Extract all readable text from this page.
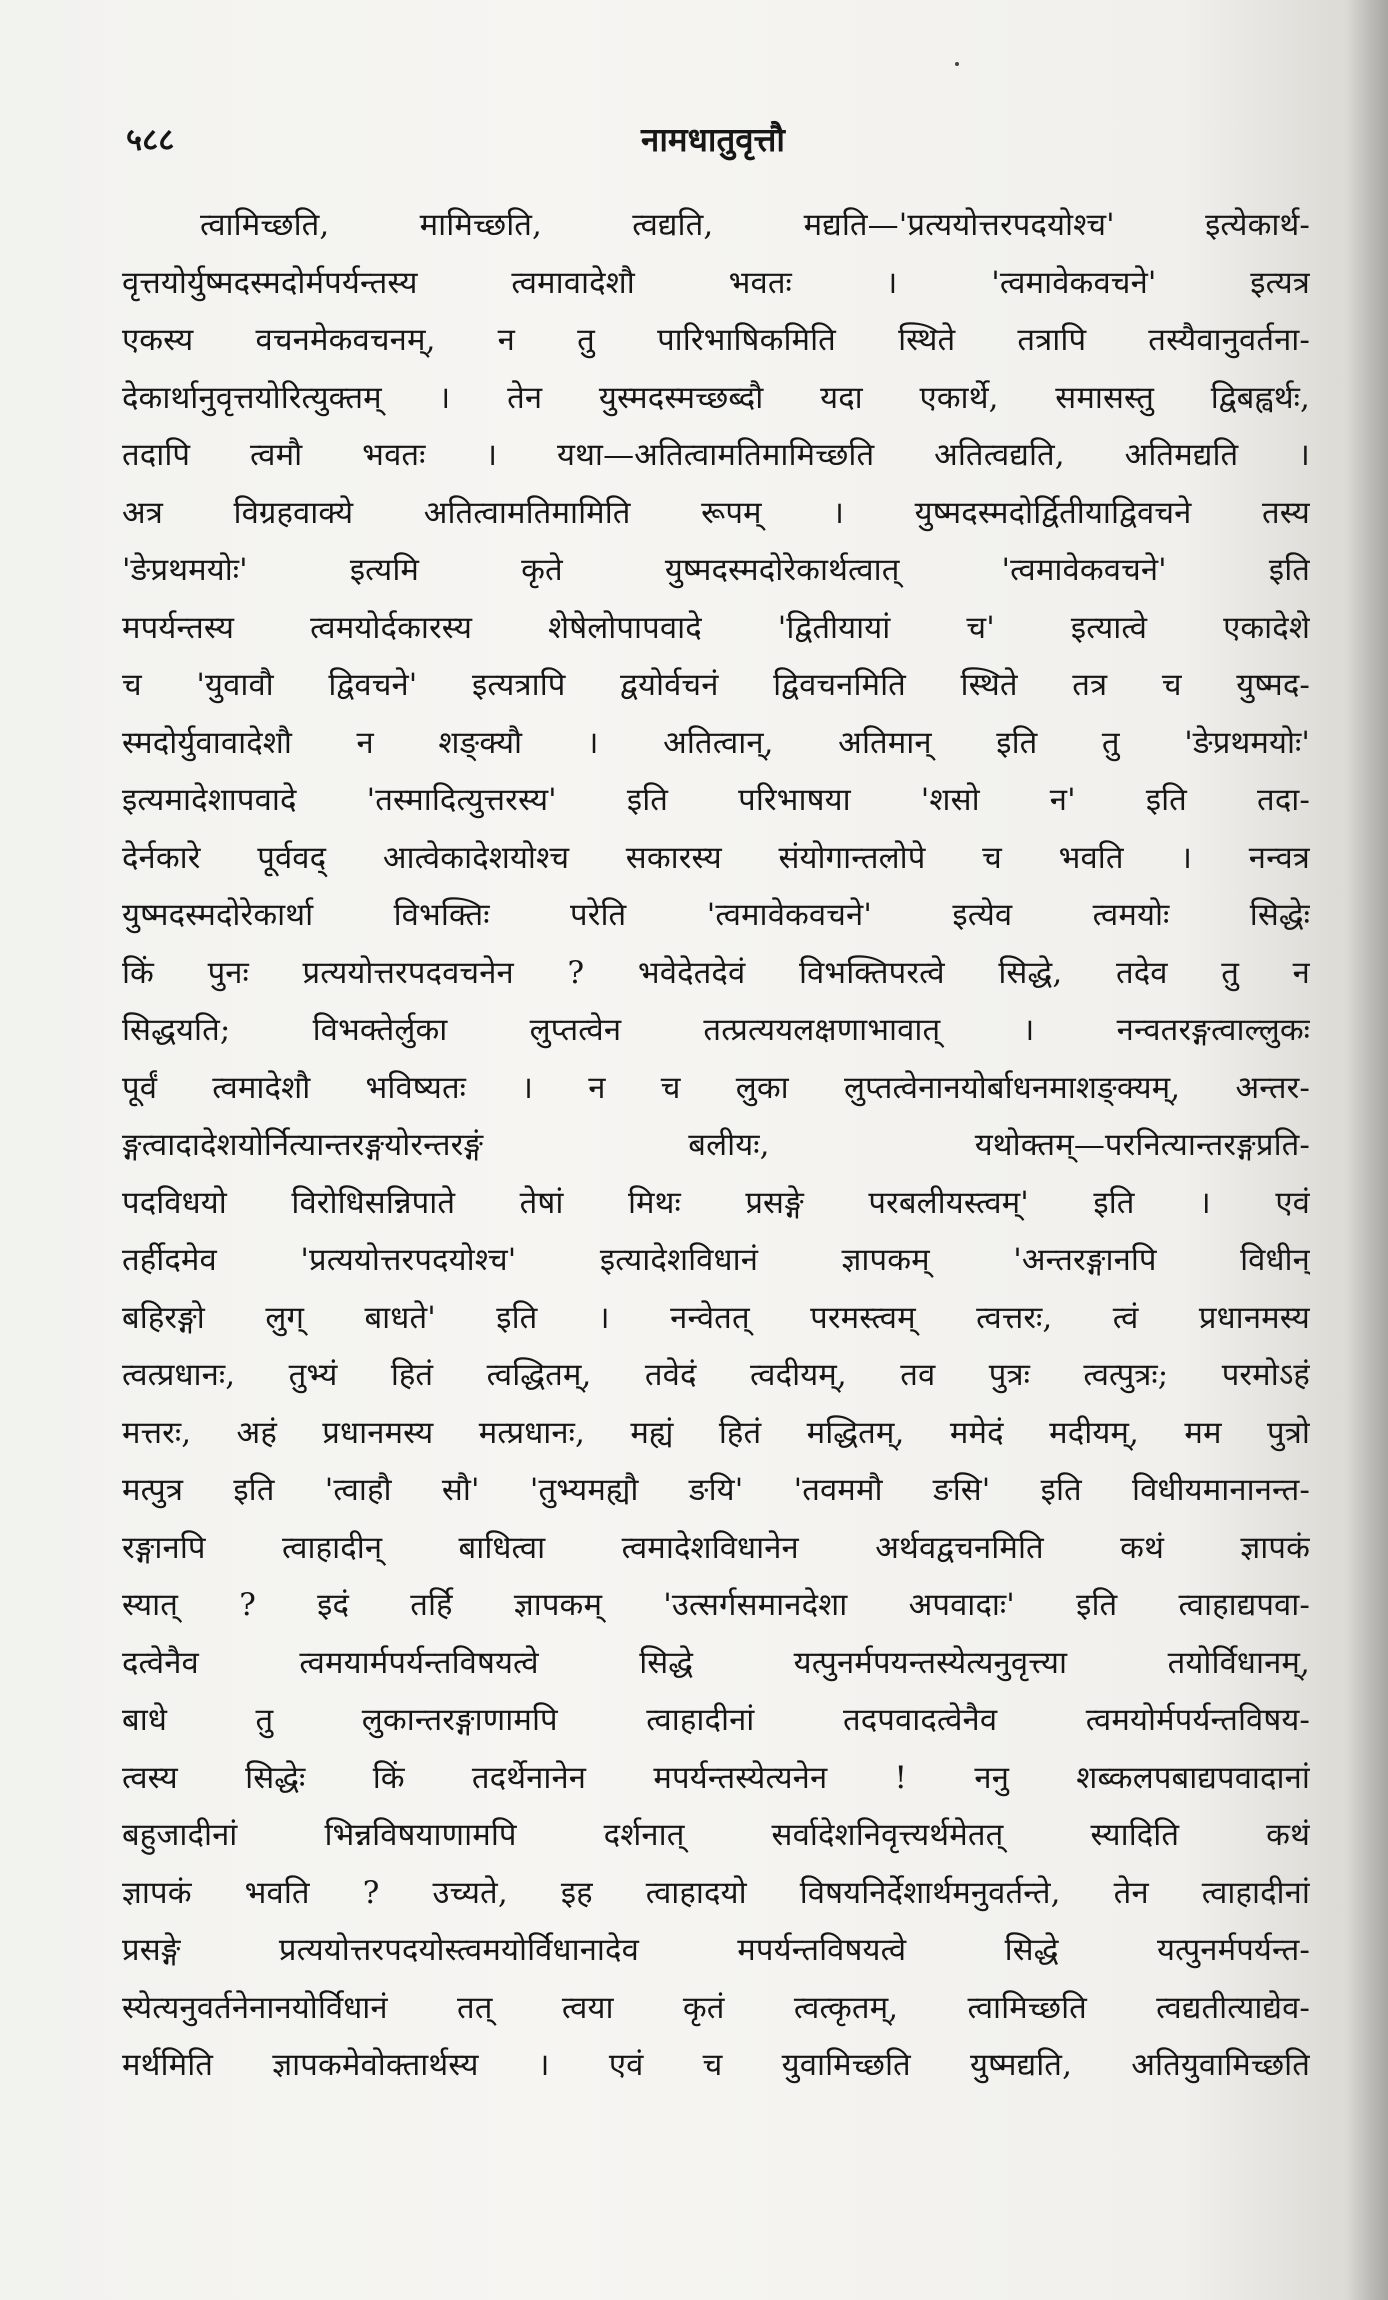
५८८	नामधातुवृत्तौ
त्वामिच्छति, मामिच्छति, त्वद्यति, मद्यति—'प्रत्ययोत्तरपदयोश्च' इत्येकार्थ-
वृत्तयोर्युष्मदस्मदोर्मपर्यन्तस्य त्वमावादेशौ भवतः । 'त्वमावेकवचने' इत्यत्र
एकस्य वचनमेकवचनम्, न तु पारिभाषिकमिति स्थिते तत्रापि तस्यैवानुवर्तना-
देकार्थानुवृत्तयोरित्युक्तम् । तेन युस्मदस्मच्छब्दौ यदा एकार्थे, समासस्तु द्विबह्वर्थः,
तदापि त्वमौ भवतः । यथा—अतित्वामतिमामिच्छति अतित्वद्यति, अतिमद्यति ।
अत्र विग्रहवाक्ये अतित्वामतिमामिति रूपम् । युष्मदस्मदोर्द्वितीयाद्विवचने तस्य
'ङेप्रथमयोः' इत्यमि कृते युष्मदस्मदोरेकार्थत्वात् 'त्वमावेकवचने' इति
मपर्यन्तस्य त्वमयोर्दकारस्य शेषेलोपापवादे 'द्वितीयायां च' इत्यात्वे एकादेशे
च 'युवावौ द्विवचने' इत्यत्रापि द्वयोर्वचनं द्विवचनमिति स्थिते तत्र च युष्मद-
स्मदोर्युवावादेशौ न शङ्क्यौ । अतित्वान्, अतिमान् इति तु 'ङेप्रथमयोः'
इत्यमादेशापवादे 'तस्मादित्युत्तरस्य' इति परिभाषया 'शसो न' इति तदा-
देर्नकारे पूर्ववद् आत्वेकादेशयोश्च सकारस्य संयोगान्तलोपे च भवति । नन्वत्र
युष्मदस्मदोरेकार्था विभक्तिः परेति 'त्वमावेकवचने' इत्येव त्वमयोः सिद्धेः
किं पुनः प्रत्ययोत्तरपदवचनेन ? भवेदेतदेवं विभक्तिपरत्वे सिद्धे, तदेव तु न
सिद्धयति; विभक्तेर्लुका लुप्तत्वेन तत्प्रत्ययलक्षणाभावात् । नन्वतरङ्गत्वाल्लुकः
पूर्वं त्वमादेशौ भविष्यतः । न च लुका लुप्तत्वेनानयोर्बाधनमाशङ्क्यम्, अन्तर-
ङ्गत्वादादेशयोर्नित्यान्तरङ्गयोरन्तरङ्गं बलीयः, यथोक्तम्—परनित्यान्तरङ्गप्रति-
पदविधयो विरोधिसन्निपाते तेषां मिथः प्रसङ्गे परबलीयस्त्वम्' इति । एवं
तर्हीदमेव 'प्रत्ययोत्तरपदयोश्च' इत्यादेशविधानं ज्ञापकम् 'अन्तरङ्गानपि विधीन्
बहिरङ्गो लुग् बाधते' इति । नन्वेतत् परमस्त्वम् त्वत्तरः, त्वं प्रधानमस्य
त्वत्प्रधानः, तुभ्यं हितं त्वद्धितम्, तवेदं त्वदीयम्, तव पुत्रः त्वत्पुत्रः; परमोऽहं
मत्तरः, अहं प्रधानमस्य मत्प्रधानः, मह्यं हितं मद्धितम्, ममेदं मदीयम्, मम पुत्रो
मत्पुत्र इति 'त्वाहौ सौ' 'तुभ्यमह्यौ ङयि' 'तवममौ ङसि' इति विधीयमानानन्त-
रङ्गानपि त्वाहादीन् बाधित्वा त्वमादेशविधानेन अर्थवद्वचनमिति कथं ज्ञापकं
स्यात् ? इदं तर्हि ज्ञापकम् 'उत्सर्गसमानदेशा अपवादाः' इति त्वाहाद्यपवा-
दत्वेनैव त्वमयार्मपर्यन्तविषयत्वे सिद्धे यत्पुनर्मपयन्तस्येत्यनुवृत्त्या तयोर्विधानम्,
बाधे तु लुकान्तरङ्गाणामपि त्वाहादीनां तदपवादत्वेनैव त्वमयोर्मपर्यन्तविषय-
त्वस्य सिद्धेः किं तदर्थेनानेन मपर्यन्तस्येत्यनेन ! ननु शब्कलपबाद्यपवादानां
बहुजादीनां भिन्नविषयाणामपि दर्शनात् सर्वादेशनिवृत्त्यर्थमेतत् स्यादिति कथं
ज्ञापकं भवति ? उच्यते, इह त्वाहादयो विषयनिर्देशार्थमनुवर्तन्ते, तेन त्वाहादीनां
प्रसङ्गे प्रत्ययोत्तरपदयोस्त्वमयोर्विधानादेव मपर्यन्तविषयत्वे सिद्धे यत्पुनर्मपर्यन्त-
स्येत्यनुवर्तनेनानयोर्विधानं तत् त्वया कृतं त्वत्कृतम्, त्वामिच्छति त्वद्यतीत्याद्येव-
मर्थमिति ज्ञापकमेवोक्तार्थस्य । एवं च युवामिच्छति युष्मद्यति, अतियुवामिच्छति
